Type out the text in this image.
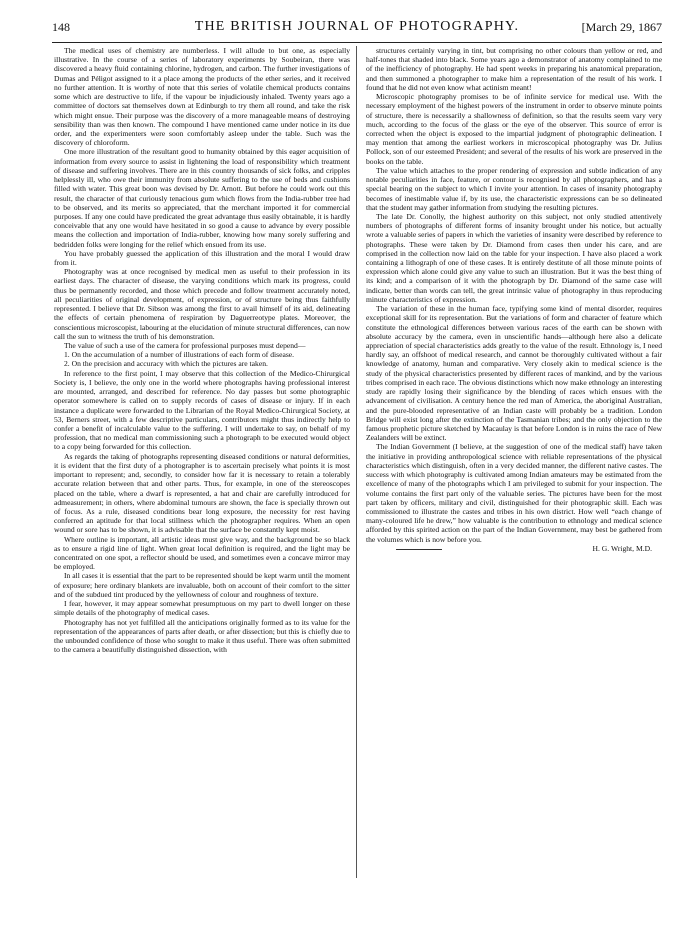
148	THE BRITISH JOURNAL OF PHOTOGRAPHY.	[March 29, 1867

The medical uses of chemistry are numberless. I will allude to but one, as especially illustrative. In the course of a series of laboratory experiments by Soubeiran, there was discovered a heavy fluid containing chlorine, hydrogen, and carbon. The further investigations of Dumas and Péligot assigned to it a place among the products of the ether series, and it received no further attention. It is worthy of note that this series of volatile chemical products contains some which are destructive to life, if the vapour be injudiciously inhaled. Twenty years ago a committee of doctors sat themselves down at Edinburgh to try them all round, and take the risk which might ensue. Their purpose was the discovery of a more manageable means of destroying sensibility than was then known. The compound I have mentioned came under notice in its due order, and the experimenters were soon comfortably asleep under the table. Such was the discovery of chloroform.

One more illustration of the resultant good to humanity obtained by this eager acquisition of information from every source to assist in lightening the load of responsibility which treatment of disease and suffering involves. There are in this country thousands of sick folks, and cripples helplessly ill, who owe their immunity from absolute suffering to the use of beds and cushions filled with water. This great boon was devised by Dr. Arnott. But before he could work out this result, the character of that curiously tenacious gum which flows from the India-rubber tree had to be observed, and its merits so appreciated, that the merchant imported it for commercial purposes. If any one could have predicated the great advantage thus easily obtainable, it is hardly conceivable that any one would have hesitated in so good a cause to advance by every possible means the collection and importation of India-rubber, knowing how many sorely suffering and bedridden folks were longing for the relief which ensued from its use.

You have probably guessed the application of this illustration and the moral I would draw from it.

Photography was at once recognised by medical men as useful to their profession in its earliest days. The character of disease, the varying conditions which mark its progress, could thus be permanently recorded, and those which precede and follow treatment accurately noted, all peculiarities of original development, of expression, or of structure being thus faithfully represented. I believe that Dr. Sibson was among the first to avail himself of its aid, delineating the effects of certain phenomena of respiration by Daguerreotype plates. Moreover, the conscientious microscopist, labouring at the elucidation of minute structural differences, can now call the sun to witness the truth of his demonstration.

The value of such a use of the camera for professional purposes must depend—

1. On the accumulation of a number of illustrations of each form of disease.

2. On the precision and accuracy with which the pictures are taken.

In reference to the first point, I may observe that this collection of the Medico-Chirurgical Society is, I believe, the only one in the world where photographs having professional interest are mounted, arranged, and described for reference. No day passes but some photographic operator somewhere is called on to supply records of cases of disease or injury. If in each instance a duplicate were forwarded to the Librarian of the Royal Medico-Chirurgical Society, at 53, Berners street, with a few descriptive particulars, contributors might thus indirectly help to confer a benefit of incalculable value to the suffering. I will undertake to say, on behalf of my profession, that no medical man commissioning such a photograph to be executed would object to a copy being forwarded for this collection.

As regards the taking of photographs representing diseased conditions or natural deformities, it is evident that the first duty of a photographer is to ascertain precisely what points it is most important to represent; and, secondly, to consider how far it is necessary to retain a tolerably accurate relation between that and other parts. Thus, for example, in one of the stereoscopes placed on the table, where a dwarf is represented, a hat and chair are carefully introduced for admeasurement; in others, where abdominal tumours are shown, the face is specially thrown out of focus. As a rule, diseased conditions bear long exposure, the necessity for rest having conferred an aptitude for that local stillness which the photographer requires. When an open wound or sore has to be shown, it is advisable that the surface be constantly kept moist.

Where outline is important, all artistic ideas must give way, and the background be so black as to ensure a rigid line of light. When great local definition is required, and the light may be concentrated on one spot, a reflector should be used, and sometimes even a concave mirror may be employed.

In all cases it is essential that the part to be represented should be kept warm until the moment of exposure; here ordinary blankets are invaluable, both on account of their comfort to the sitter and of the subdued tint produced by the yellowness of colour and roughness of texture.

I fear, however, it may appear somewhat presumptuous on my part to dwell longer on these simple details of the photography of medical cases.

Photography has not yet fulfilled all the anticipations originally formed as to its value for the representation of the appearances of parts after death, or after dissection; but this is chiefly due to the unbounded confidence of those who sought to make it thus useful. There was often submitted to the camera a beautifully distinguished dissection, with

structures certainly varying in tint, but comprising no other colours than yellow or red, and half-tones that shaded into black. Some years ago a demonstrator of anatomy complained to me of the inefficiency of photography. He had spent weeks in preparing his anatomical preparation, and then summoned a photographer to make him a representation of the result of his work. I found that he did not even know what actinism meant!

Microscopic photography promises to be of infinite service for medical use. With the necessary employment of the highest powers of the instrument in order to observe minute points of structure, there is necessarily a shallowness of definition, so that the results seem vary very much, according to the focus of the glass or the eye of the observer. This source of error is corrected when the object is exposed to the impartial judgment of photographic delineation. I may mention that among the earliest workers in microscopical photography was Dr. Julius Pollock, son of our esteemed President; and several of the results of his work are preserved in the books on the table.

The value which attaches to the proper rendering of expression and subtle indication of any notable peculiarities in face, feature, or contour is recognised by all photographers, and has a special bearing on the subject to which I invite your attention. In cases of insanity photography becomes of inestimable value if, by its use, the characteristic expressions can be so delineated that the student may gather information from studying the resulting pictures.

The late Dr. Conolly, the highest authority on this subject, not only studied attentively numbers of photographs of different forms of insanity brought under his notice, but actually wrote a valuable series of papers in which the varieties of insanity were described by reference to photographs. These were taken by Dr. Diamond from cases then under his care, and are comprised in the collection now laid on the table for your inspection. I have also placed a work containing a lithograph of one of these cases. It is entirely destitute of all those minute points of expression which alone could give any value to such an illustration. But it was the best thing of its kind; and a comparison of it with the photograph by Dr. Diamond of the same case will indicate, better than words can tell, the great intrinsic value of photography in thus reproducing minute characteristics of expression.

The variation of these in the human face, typifying some kind of mental disorder, requires exceptional skill for its representation. But the variations of form and character of feature which constitute the ethnological differences between various races of the earth can be shown with absolute accuracy by the camera, even in unscientific hands—although here also a delicate appreciation of special characteristics adds greatly to the value of the result. Ethnology is, I need hardly say, an offshoot of medical research, and cannot be thoroughly cultivated without a fair knowledge of anatomy, human and comparative. Very closely akin to medical science is the study of the physical characteristics presented by different races of mankind, and by the various tribes comprised in each race. The obvious distinctions which now make ethnology an interesting study are rapidly losing their significance by the blending of races which ensues with the advancement of civilisation. A century hence the red man of America, the aboriginal Australian, and the pure-blooded representative of an Indian caste will probably be a tradition. London Bridge will exist long after the extinction of the Tasmanian tribes; and the only objection to the famous prophetic picture sketched by Macaulay is that before London is in ruins the race of New Zealanders will be extinct.

The Indian Government (I believe, at the suggestion of one of the medical staff) have taken the initiative in providing anthropological science with reliable representations of the physical characteristics which distinguish, often in a very decided manner, the different native castes. The success with which photography is cultivated among Indian amateurs may be estimated from the excellence of many of the photographs which I am privileged to submit for your inspection. The volume contains the first part only of the valuable series. The pictures have been for the most part taken by officers, military and civil, distinguished for their photographic skill. Each was commissioned to illustrate the castes and tribes in his own district. How well “each change of many-coloured life he drew,” how valuable is the contribution to ethnology and medical science afforded by this spirited action on the part of the Indian Government, may best be gathered from the volumes which is now before you.

H. G. Wright, M.D.
